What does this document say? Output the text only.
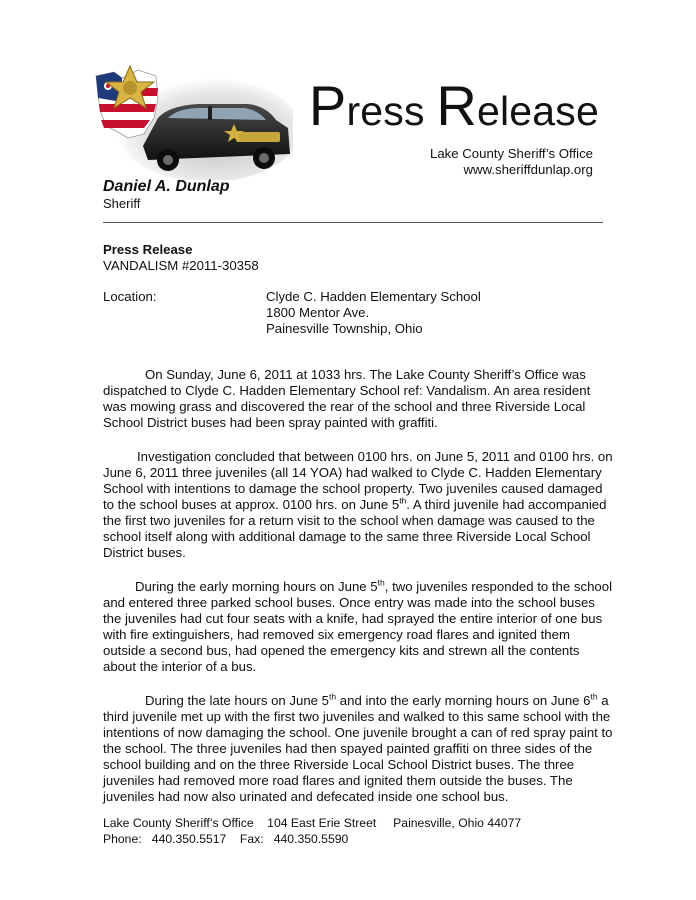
Press Release
Lake County Sheriff’s Office
www.sheriffdunlap.org
Daniel A. Dunlap
Sheriff
Press Release
VANDALISM #2011-30358
Location:	Clyde C. Hadden Elementary School
1800 Mentor Ave.
Painesville Township, Ohio

On Sunday, June 6, 2011 at 1033 hrs. The Lake County Sheriff’s Office was dispatched to Clyde C. Hadden Elementary School ref: Vandalism. An area resident was mowing grass and discovered the rear of the school and three Riverside Local School District buses had been spray painted with graffiti.

Investigation concluded that between 0100 hrs. on June 5, 2011 and 0100 hrs. on June 6, 2011 three juveniles (all 14 YOA) had walked to Clyde C. Hadden Elementary School with intentions to damage the school property. Two juveniles caused damaged to the school buses at approx. 0100 hrs. on June 5th. A third juvenile had accompanied the first two juveniles for a return visit to the school when damage was caused to the school itself along with additional damage to the same three Riverside Local School District buses.

During the early morning hours on June 5th, two juveniles responded to the school and entered three parked school buses. Once entry was made into the school buses the juveniles had cut four seats with a knife, had sprayed the entire interior of one bus with fire extinguishers, had removed six emergency road flares and ignited them outside a second bus, had opened the emergency kits and strewn all the contents about the interior of a bus.

During the late hours on June 5th and into the early morning hours on June 6th a third juvenile met up with the first two juveniles and walked to this same school with the intentions of now damaging the school. One juvenile brought a can of red spray paint to the school. The three juveniles had then spayed painted graffiti on three sides of the school building and on the three Riverside Local School District buses. The three juveniles had removed more road flares and ignited them outside the buses. The juveniles had now also urinated and defecated inside one school bus.

Lake County Sheriff’s Office    104 East Erie Street     Painesville, Ohio 44077
Phone:   440.350.5517    Fax:   440.350.5590
